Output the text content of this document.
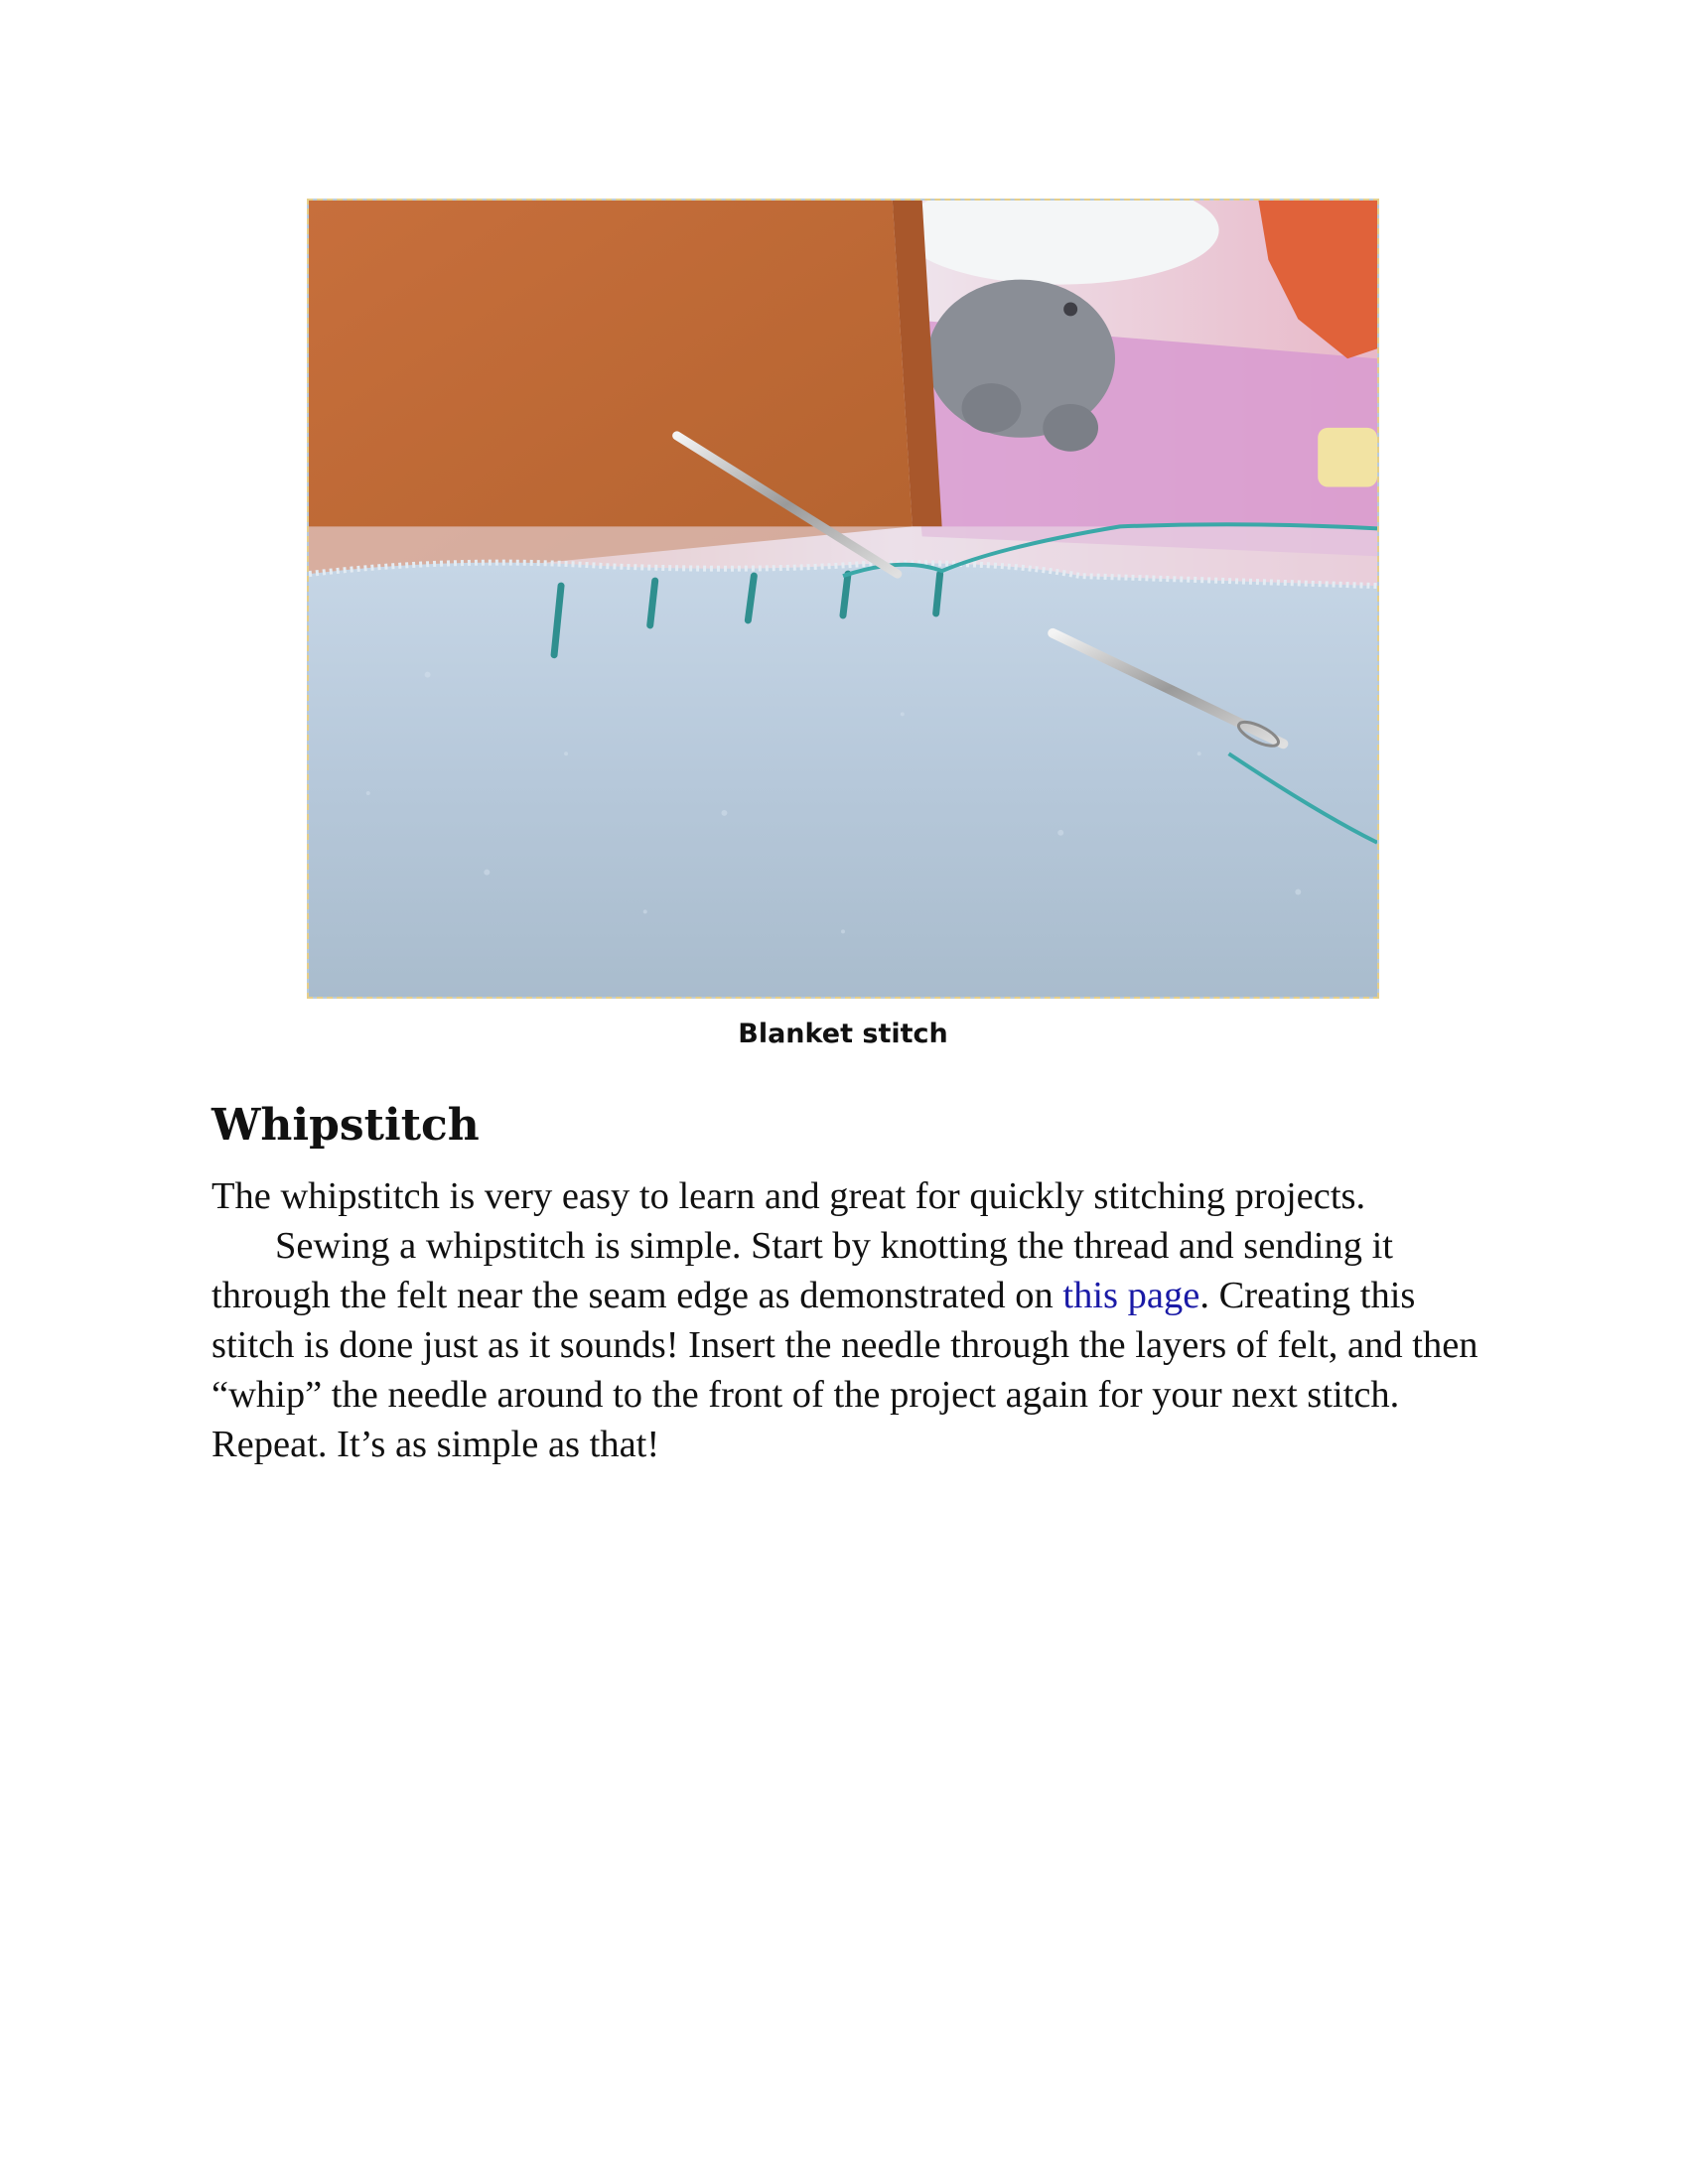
Blanket stitch
Whipstitch

The whipstitch is very easy to learn and great for quickly stitching projects.

Sewing a whipstitch is simple. Start by knotting the thread and sending it through the felt near the seam edge as demonstrated on this page. Creating this stitch is done just as it sounds! Insert the needle through the layers of felt, and then “whip” the needle around to the front of the project again for your next stitch. Repeat. It’s as simple as that!
